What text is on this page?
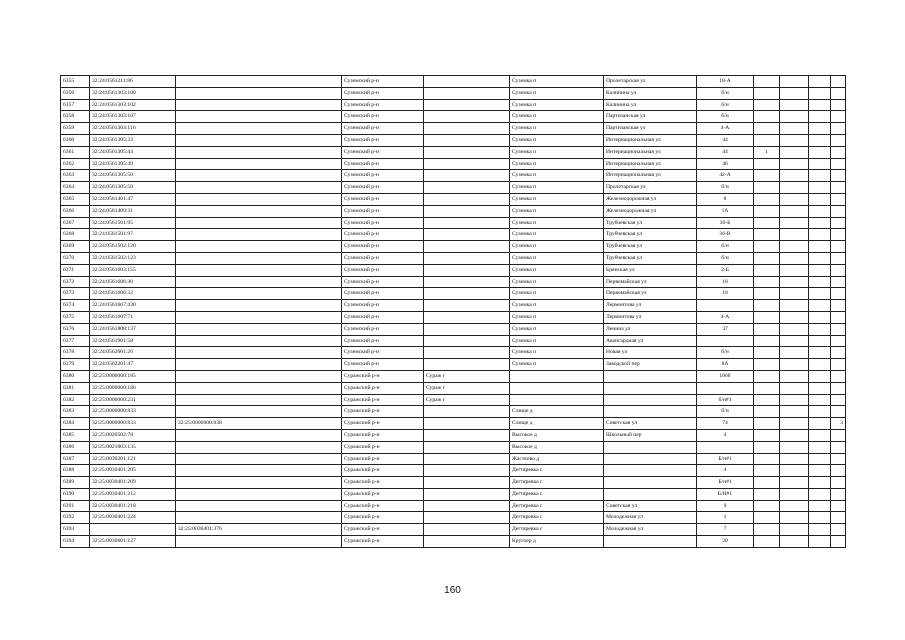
6355	32:24:0561211:86		Суземский р-н		Суземка п	Пролетарская ул	18-А				
6356	32:24:0561303:100		Суземский р-н		Суземка п	Калинина ул	б/н				
6357	32:24:0561303:102		Суземский р-н		Суземка п	Калинина ул	б/н				
6358	32:24:0561303:107		Суземский р-н		Суземка п	Партизанская ул	б/н				
6359	32:24:0561303:116		Суземский р-н		Суземка п	Партизанская ул	4-А				
6360	32:24:0561305:33		Суземский р-н		Суземка п	Интернациональная ул	44				
6361	32:24:0561305:44		Суземский р-н		Суземка п	Интернациональная ул	44	1			
6362	32:24:0561305:49		Суземский р-н		Суземка п	Интернациональная ул	46				
6363	32:24:0561305:50		Суземский р-н		Суземка п	Интернациональная ул	42-А				
6364	32:24:0561305:58		Суземский р-н		Суземка п	Пролетарская ул	б/н				
6365	32:24:0561401:47		Суземский р-н		Суземка п	Железнодорожная ул	8				
6366	32:24:0561409:31		Суземский р-н		Суземка п	Железнодорожная ул	1А				
6367	32:24:0561501:95		Суземский р-н		Суземка п	Трубчевская ул	36-Б				
6368	32:24:0561501:97		Суземский р-н		Суземка п	Трубчевская ул	36-В				
6369	32:24:0561502:120		Суземский р-н		Суземка п	Трубчевская ул	б/н				
6370	32:24:0561502:123		Суземский р-н		Суземка п	Трубчевская ул	б/н				
6371	32:24:0561603:155		Суземский р-н		Суземка п	Брянская ул	2-Б				
6372	32:24:0561606:30		Суземский р-н		Суземка п	Первомайская ул	18				
6373	32:24:0561606:32		Суземский р-н		Суземка п	Первомайская ул	18				
6374	32:24:0561607:430		Суземский р-н		Суземка п	Лермонтова ул					
6375	32:24:0561607:71		Суземский р-н		Суземка п	Лермонтова ул	4-А				
6376	32:24:0561808:137		Суземский р-н		Суземка п	Ленина ул	37				
6377	32:24:0561901:58		Суземский р-н		Суземка п	Авангардная ул					
6378	32:24:0562001:26		Суземский р-н		Суземка п	Новая ул	б/н				
6379	32:24:0562201:47		Суземский р-н		Суземка п	Заводской пер	8А				
6380	32:25:0000000:185		Суражский р-н	Сураж г			106б				
6381	32:25:0000000:186		Суражский р-н	Сураж г							
6382	32:25:0000000:231		Суражский р-н	Сураж г			б/н#1				
6383	32:25:0000000:833		Суражский р-н		Слище д		б/н				
6384	32:25:0000000:833	32:25:0000000:838	Суражский р-н		Слище д	Советская ул	74				3
6385	32:25:0020502:78		Суражский р-н		Высокое д	Школьный пер	4				
6386	32:25:0021003:135		Суражский р-н		Высокое д						
6387	32:25:0030201:121		Суражский р-н		Жастково д		Б/н#1				
6388	32:25:0030401:205		Суражский р-н		Дегтяревка с		4				
6389	32:25:0030401:209		Суражский р-н		Дегтяревка с		Б/н#1				
6390	32:25:0030401:212		Суражский р-н		Дегтяревка с		Б/Н#1				
6391	32:25:0030401:218		Суражский р-н		Дегтяревка с	Советская ул	9				
6392	32:25:0030401:224		Суражский р-н		Дегтяревка с	Молодежная ул	1				
6393		32:25:0030401:376	Суражский р-н		Дегтяревка с	Молодежная ул	7				
6394	32:25:0030601:127		Суражский р-н		Кругоер д		20				
160
